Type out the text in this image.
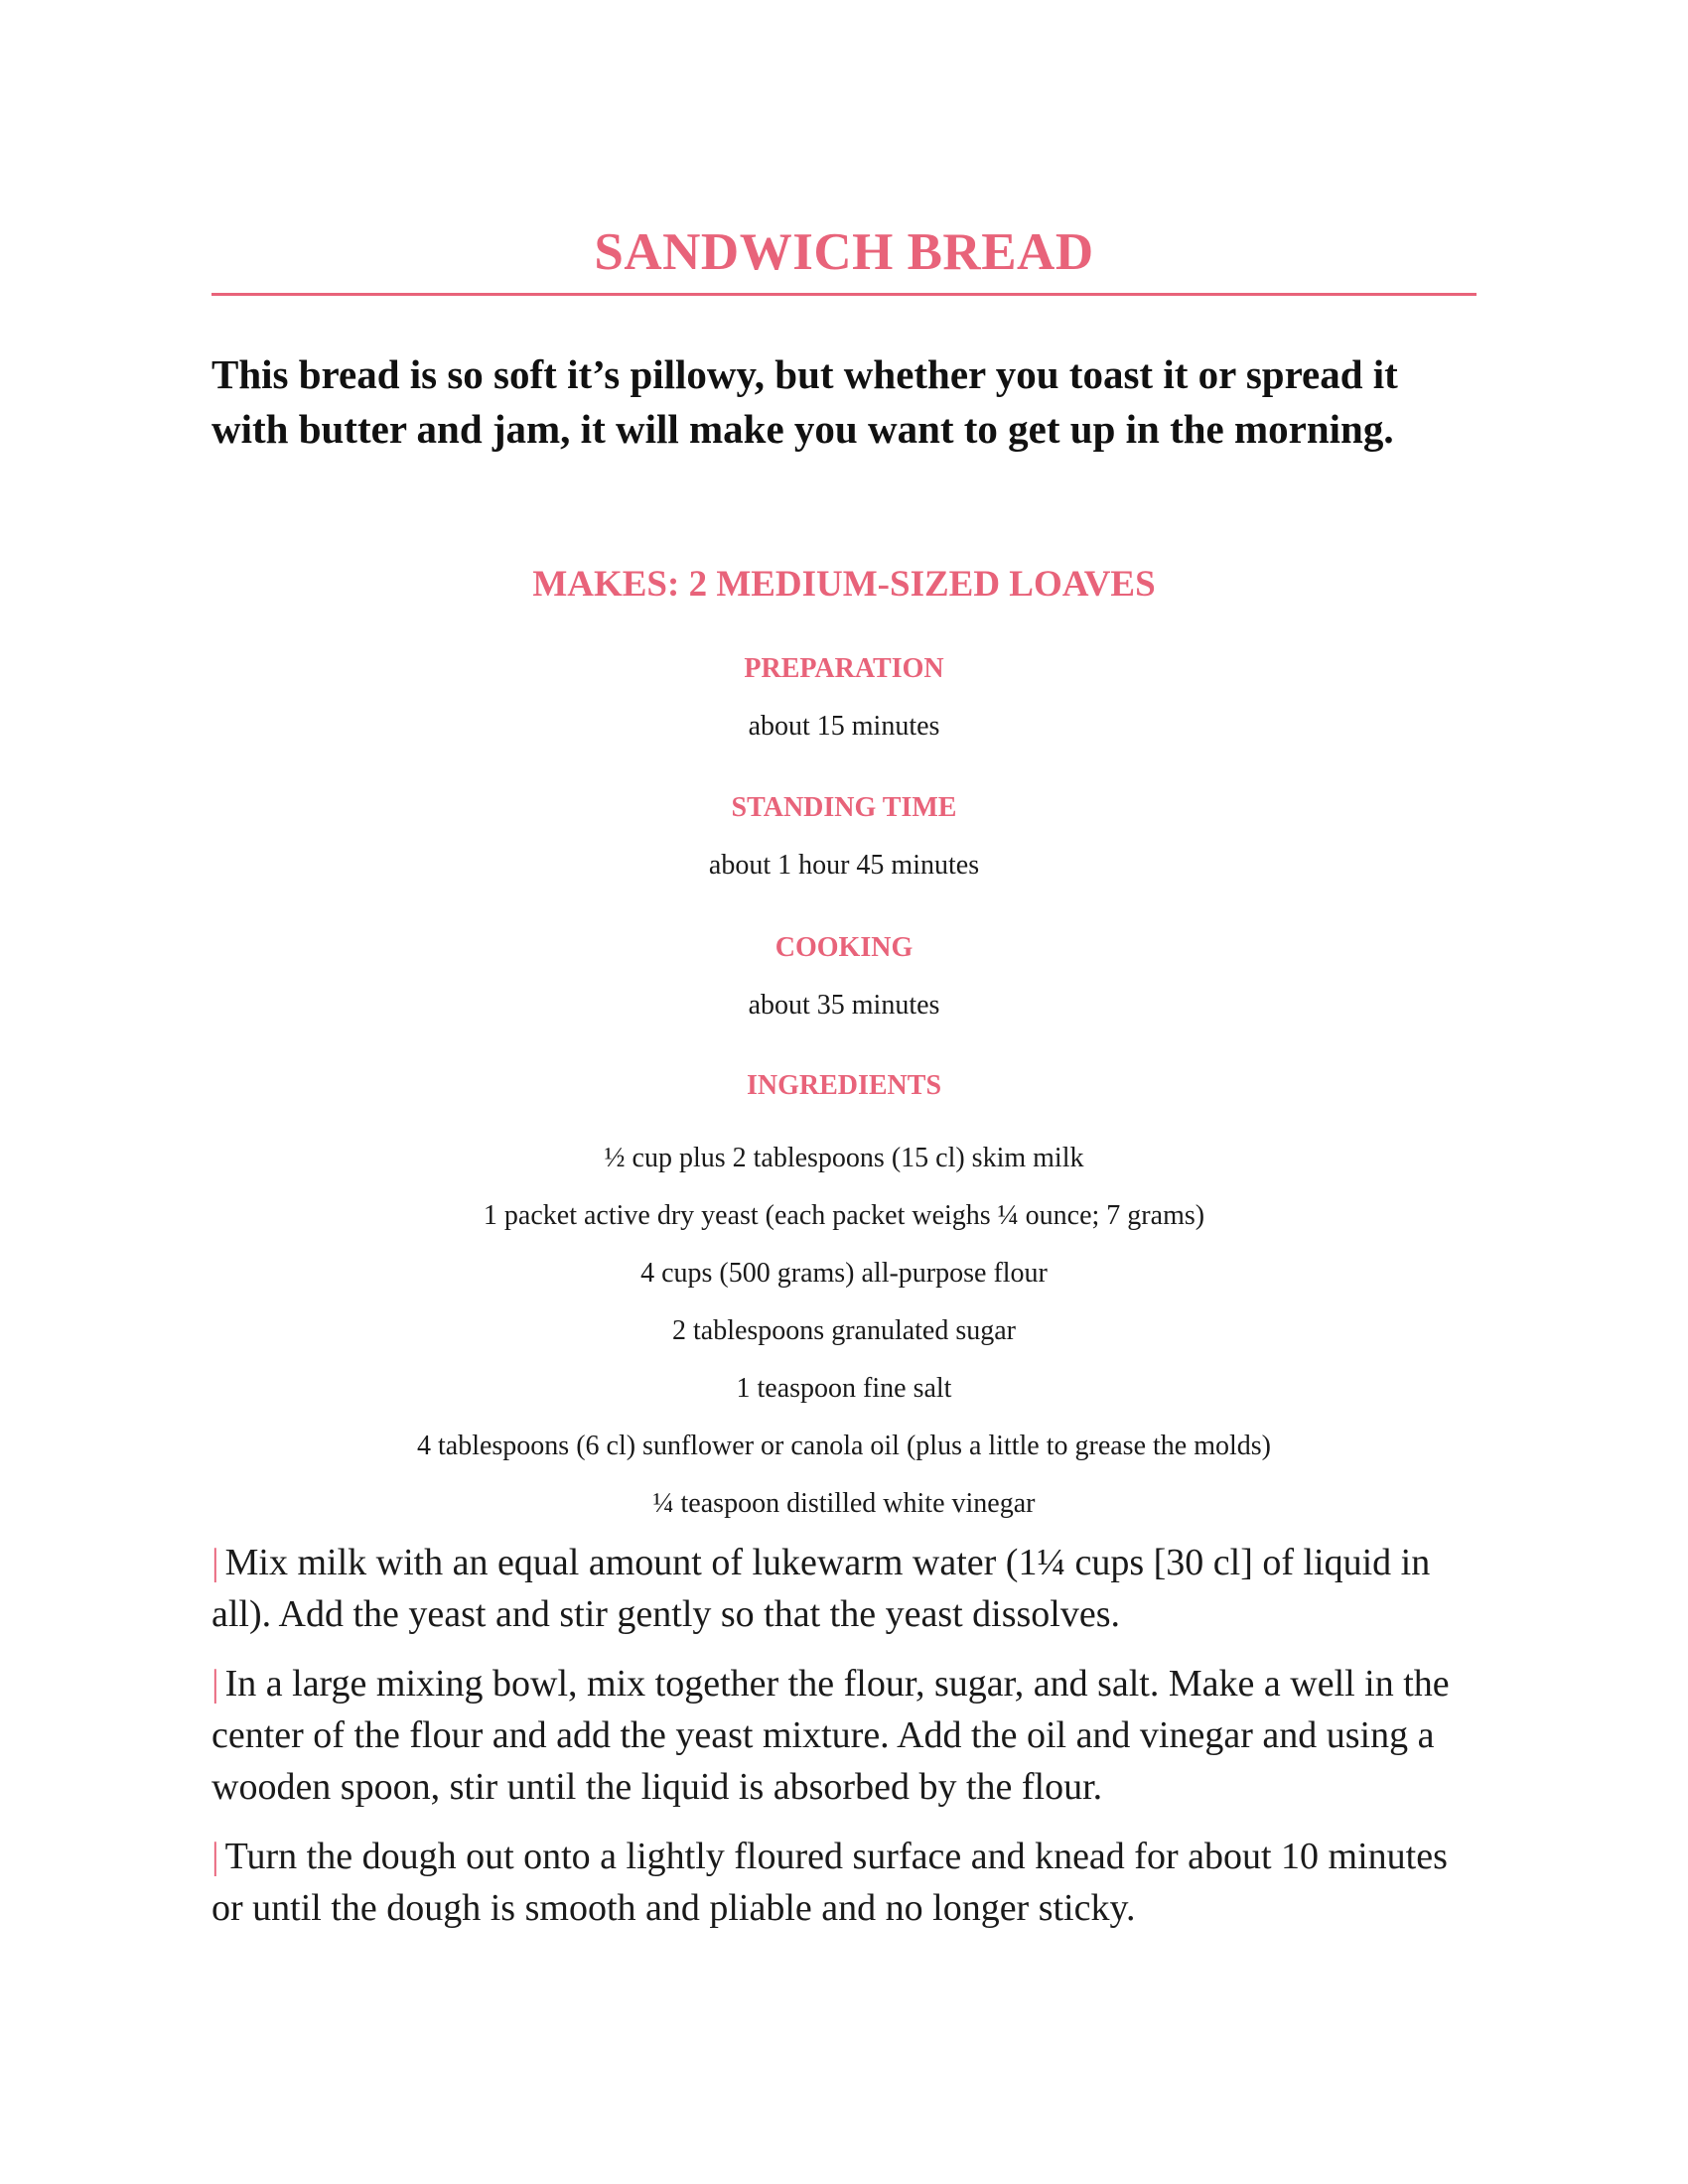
SANDWICH BREAD
This bread is so soft it’s pillowy, but whether you toast it or spread it with butter and jam, it will make you want to get up in the morning.
MAKES: 2 MEDIUM-SIZED LOAVES
PREPARATION
about 15 minutes
STANDING TIME
about 1 hour 45 minutes
COOKING
about 35 minutes
INGREDIENTS
½ cup plus 2 tablespoons (15 cl) skim milk
1 packet active dry yeast (each packet weighs ¼ ounce; 7 grams)
4 cups (500 grams) all-purpose flour
2 tablespoons granulated sugar
1 teaspoon fine salt
4 tablespoons (6 cl) sunflower or canola oil (plus a little to grease the molds)
¼ teaspoon distilled white vinegar

| Mix milk with an equal amount of lukewarm water (1¼ cups [30 cl] of liquid in all). Add the yeast and stir gently so that the yeast dissolves.

| In a large mixing bowl, mix together the flour, sugar, and salt. Make a well in the center of the flour and add the yeast mixture. Add the oil and vinegar and using a wooden spoon, stir until the liquid is absorbed by the flour.

| Turn the dough out onto a lightly floured surface and knead for about 10 minutes or until the dough is smooth and pliable and no longer sticky.
